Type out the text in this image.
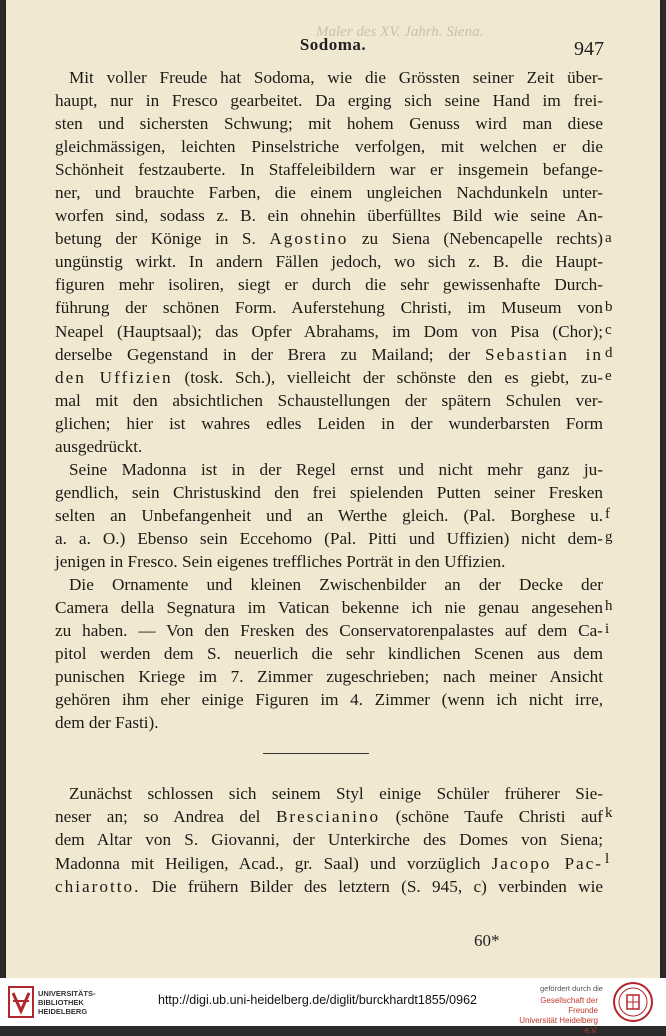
Maler des XV. Jahrh. Siena.
Sodoma.	947
Mit voller Freude hat Sodoma, wie die Grössten seiner Zeit über-
haupt, nur in Fresco gearbeitet. Da erging sich seine Hand im frei-
sten und sichersten Schwung; mit hohem Genuss wird man diese
gleichmässigen, leichten Pinselstriche verfolgen, mit welchen er die
Schönheit festzauberte. In Staffeleibildern war er insgemein befange-
ner, und brauchte Farben, die einem ungleichen Nachdunkeln unter-
worfen sind, sodass z. B. ein ohnehin überfülltes Bild wie seine An-
betung der Könige in S. Agostino zu Siena (Nebencapelle rechts)
ungünstig wirkt. In andern Fällen jedoch, wo sich z. B. die Haupt-
figuren mehr isoliren, siegt er durch die sehr gewissenhafte Durch-
führung der schönen Form. Auferstehung Christi, im Museum von
Neapel (Hauptsaal); das Opfer Abrahams, im Dom von Pisa (Chor);
derselbe Gegenstand in der Brera zu Mailand; der Sebastian in
den Uffizien (tosk. Sch.), vielleicht der schönste den es giebt, zu-
mal mit den absichtlichen Schaustellungen der spätern Schulen ver-
glichen; hier ist wahres edles Leiden in der wunderbarsten Form
ausgedrückt.
Seine Madonna ist in der Regel ernst und nicht mehr ganz ju-
gendlich, sein Christuskind den frei spielenden Putten seiner Fresken
selten an Unbefangenheit und an Werthe gleich. (Pal. Borghese u.
a. a. O.) Ebenso sein Eccehomo (Pal. Pitti und Uffizien) nicht dem-
jenigen in Fresco. Sein eigenes treffliches Porträt in den Uffizien.
Die Ornamente und kleinen Zwischenbilder an der Decke der
Camera della Segnatura im Vatican bekenne ich nie genau angesehen
zu haben. — Von den Fresken des Conservatorenpalastes auf dem Ca-
pitol werden dem S. neuerlich die sehr kindlichen Scenen aus dem
punischen Kriege im 7. Zimmer zugeschrieben; nach meiner Ansicht
gehören ihm eher einige Figuren im 4. Zimmer (wenn ich nicht irre,
dem der Fasti).
Zunächst schlossen sich seinem Styl einige Schüler früherer Sie-
neser an; so Andrea del Brescianino (schöne Taufe Christi auf
dem Altar von S. Giovanni, der Unterkirche des Domes von Siena;
Madonna mit Heiligen, Acad., gr. Saal) und vorzüglich Jacopo Pac-
chiarotto. Die frühern Bilder des letztern (S. 945, c) verbinden wie
a
b
c
d
e
f
g
h
i
k
l
60*
UNIVERSITÄTS-
BIBLIOTHEK
HEIDELBERG
http://digi.ub.uni-heidelberg.de/diglit/burckhardt1855/0962
gefördert durch die
Gesellschaft der Freunde
Universität Heidelberg e.V.
